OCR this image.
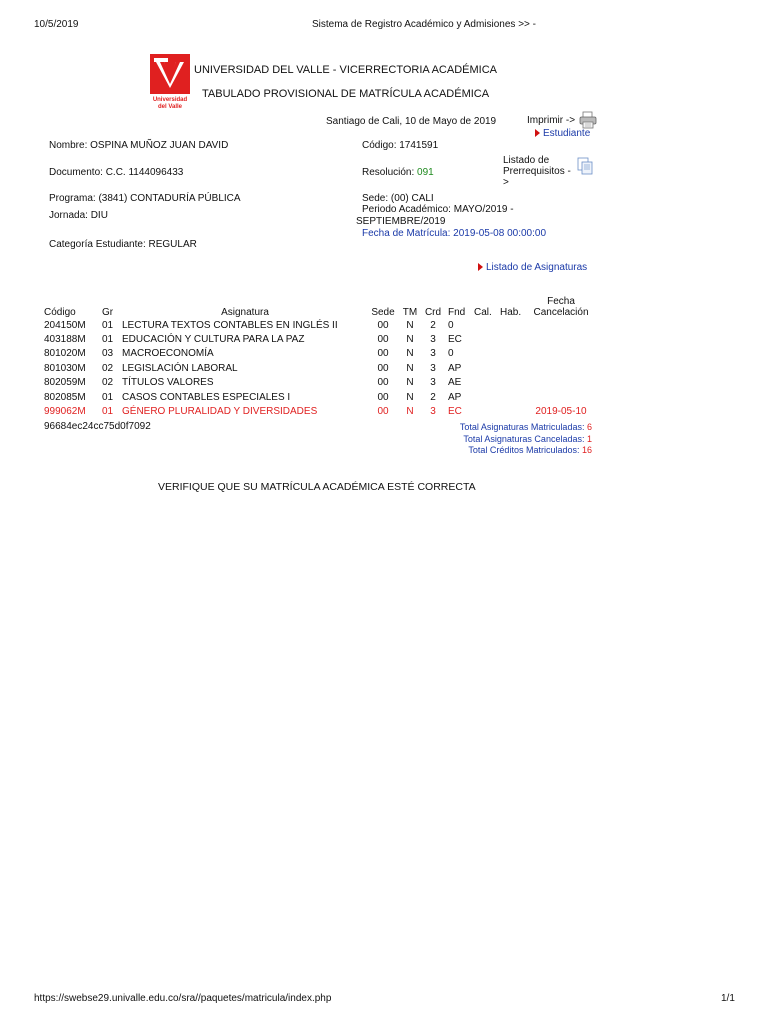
10/5/2019	Sistema de Registro Académico y Admisiones >> -
Universidad
del Valle
UNIVERSIDAD DEL VALLE - VICERRECTORIA ACADÉMICA
TABULADO PROVISIONAL DE MATRÍCULA ACADÉMICA
Santiago de Cali, 10 de Mayo de 2019	Imprimir ->
Estudiante
Nombre: OSPINA MUÑOZ JUAN DAVID	Código: 1741591
Listado de Prerrequisitos ->
Documento: C.C. 1144096433	Resolución: 091
Programa: (3841) CONTADURÍA PÚBLICA	Sede: (00) CALI
Jornada: DIU
Periodo Académico: MAYO/2019 -
SEPTIEMBRE/2019
Fecha de Matrícula: 2019-05-08 00:00:00
Categoría Estudiante: REGULAR
Listado de Asignaturas
Código	Gr	Asignatura	Sede	TM	Crd	Fnd	Cal.	Hab.	Fecha
Cancelación

204150M	01	LECTURA TEXTOS CONTABLES EN INGLÉS II	00	N	2	0			
403188M	01	EDUCACIÓN Y CULTURA PARA LA PAZ	00	N	3	EC			
801020M	03	MACROECONOMÍA	00	N	3	0			
801030M	02	LEGISLACIÓN LABORAL	00	N	3	AP			
802059M	02	TÍTULOS VALORES	00	N	3	AE			
802085M	01	CASOS CONTABLES ESPECIALES I	00	N	2	AP			
999062M	01	GÉNERO PLURALIDAD Y DIVERSIDADES	00	N	3	EC			2019-05-10
96684ec24cc75d0f7092	Total Asignaturas Matriculadas: 6
Total Asignaturas Canceladas: 1
Total Créditos Matriculados: 16
VERIFIQUE QUE SU MATRÍCULA ACADÉMICA ESTÉ CORRECTA
https://swebse29.univalle.edu.co/sra//paquetes/matricula/index.php	1/1
